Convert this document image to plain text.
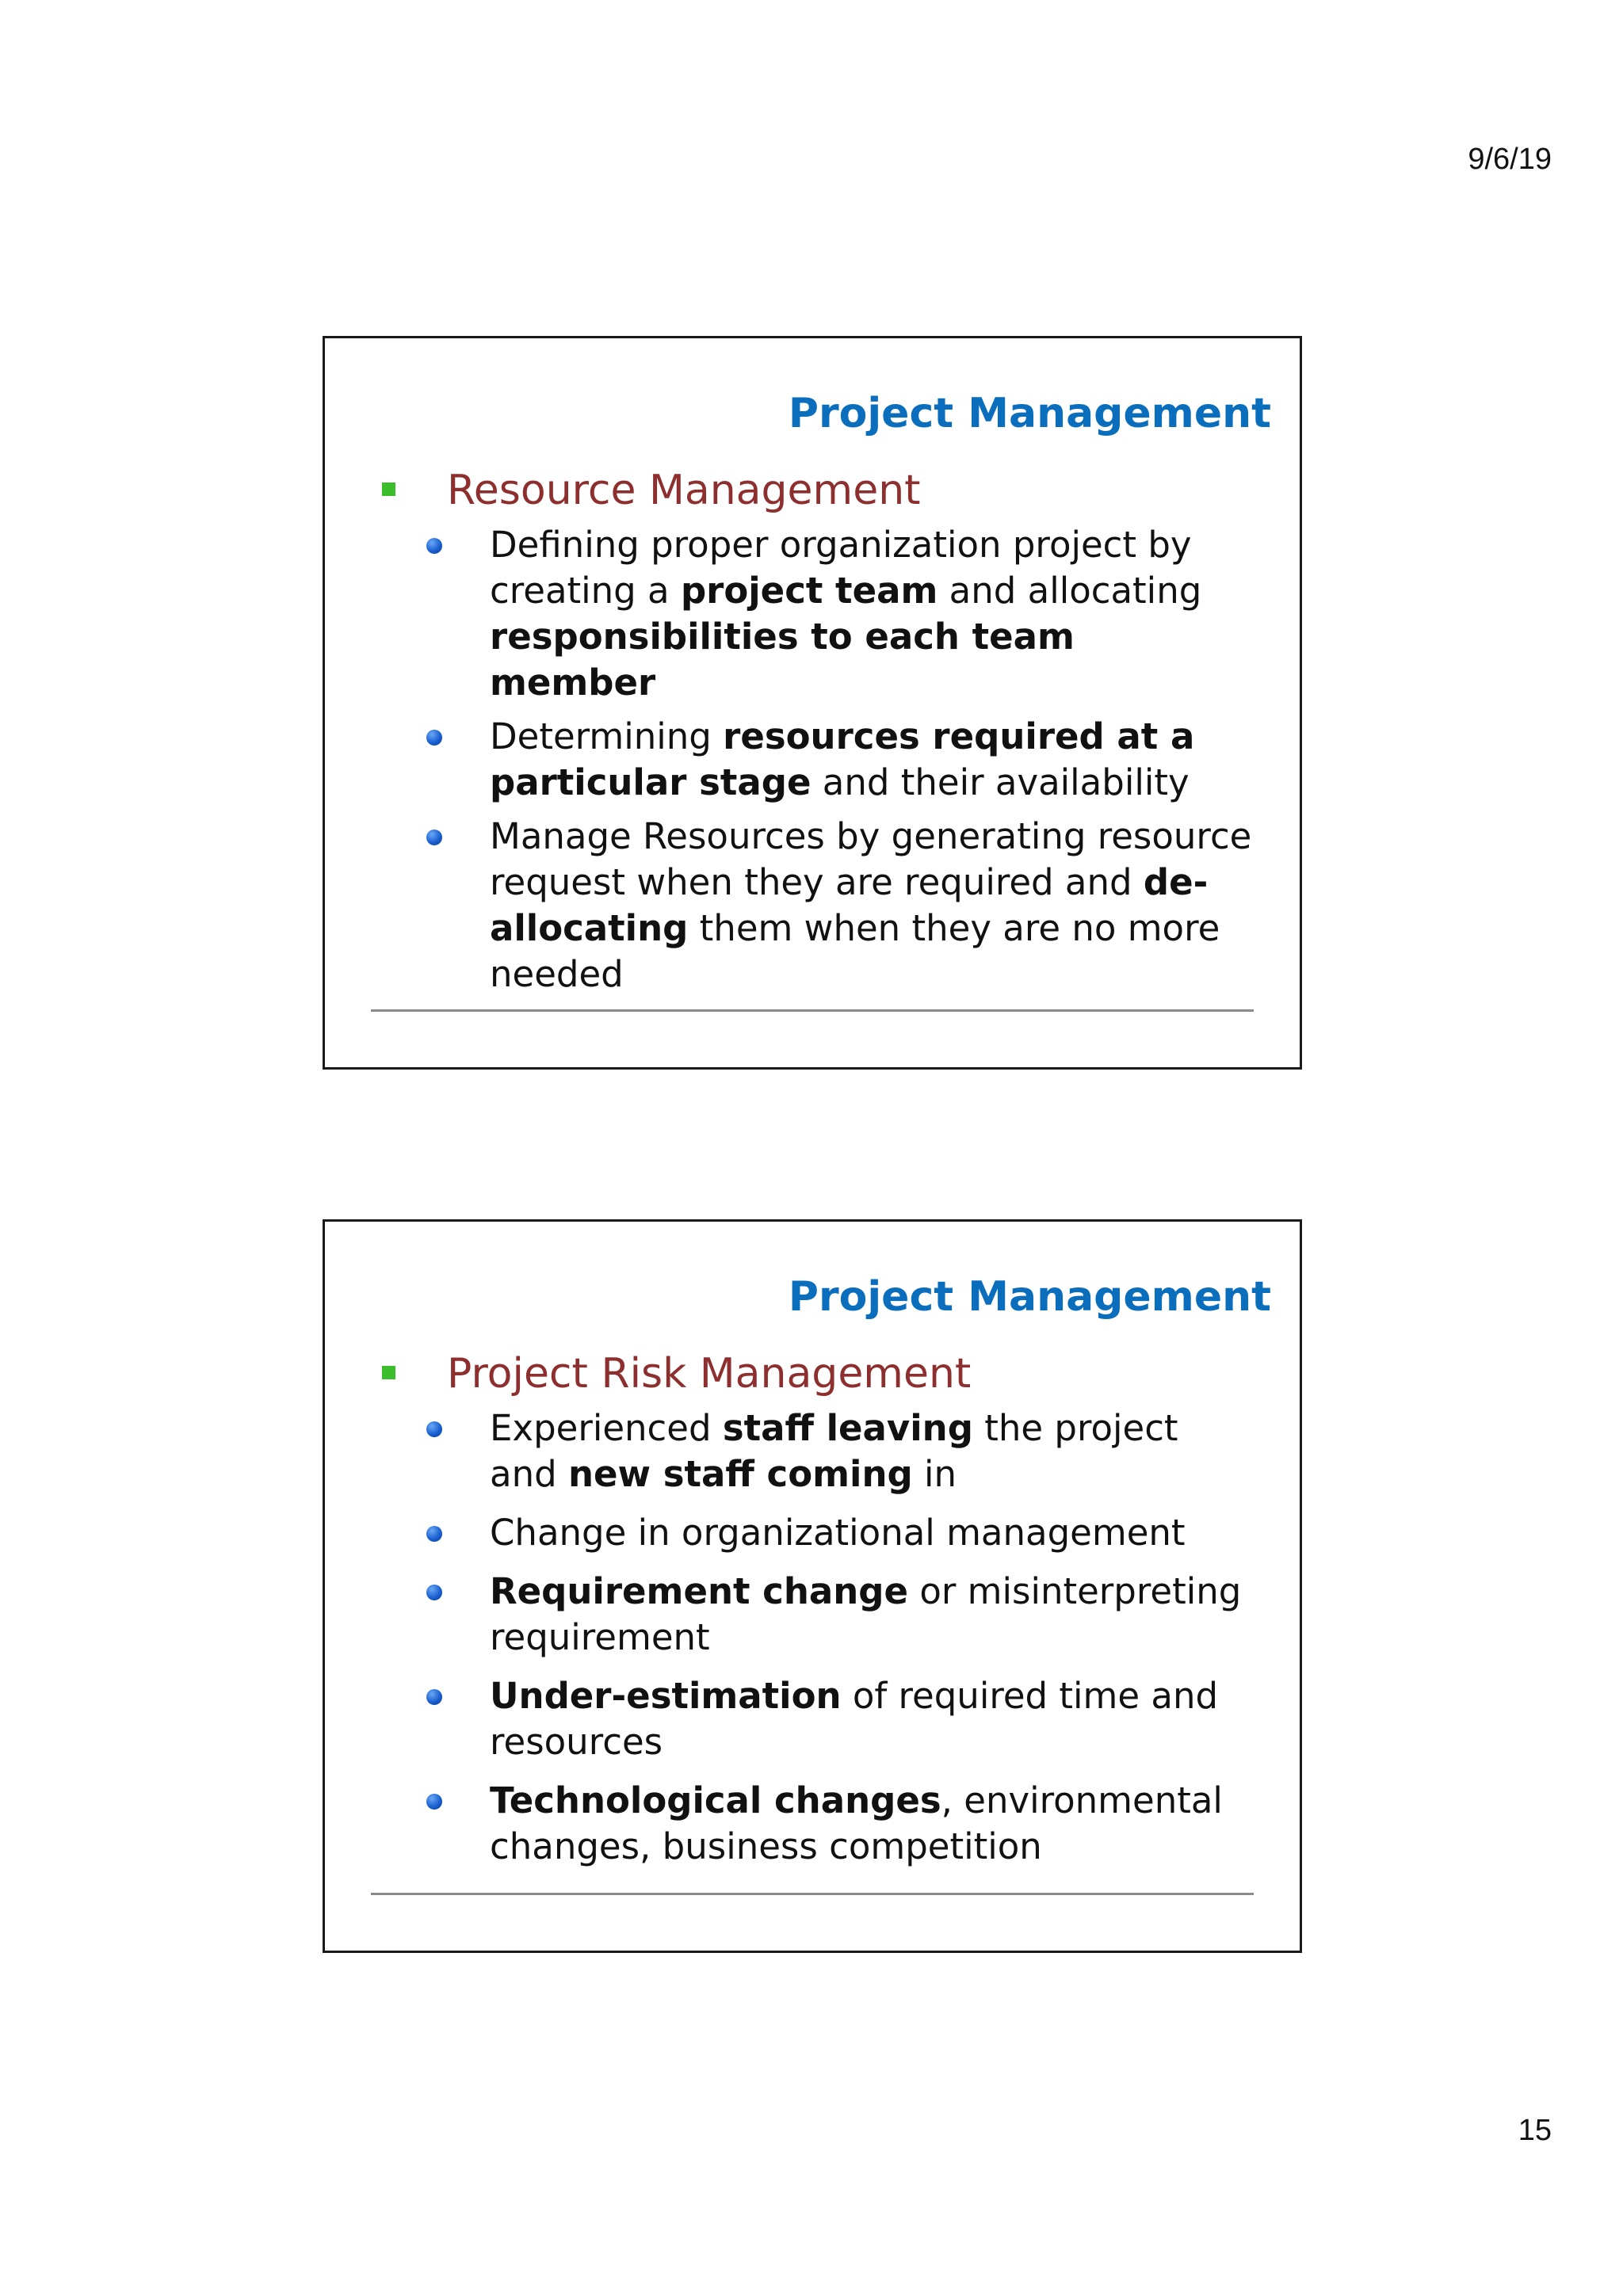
9/6/19
Project Management
Resource Management
Defining proper organization project by creating a project team and allocating responsibilities to each team member
Determining resources required at a particular stage and their availability
Manage Resources by generating resource request when they are required and de-allocating them when they are no more needed
Project Management
Project Risk Management
Experienced staff leaving the project and new staff coming in
Change in organizational management
Requirement change or misinterpreting requirement
Under-estimation of required time and resources
Technological changes, environmental changes, business competition
15
